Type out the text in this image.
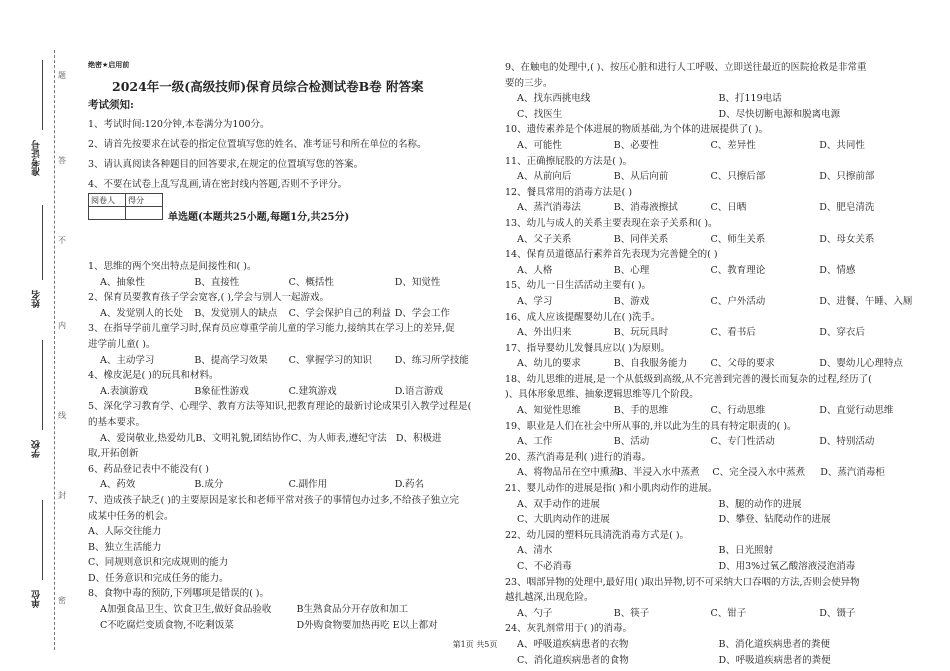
准考证号
姓名
学校
单位
题
答
不
内
线
封
密
绝密★启用前
2024年一级(高级技师)保育员综合检测试卷B卷 附答案
考试须知:
1、考试时间:120分钟,本卷满分为100分。
2、请首先按要求在试卷的指定位置填写您的姓名、准考证号和所在单位的名称。
3、请认真阅读各种题目的回答要求,在规定的位置填写您的答案。
4、不要在试卷上乱写乱画,请在密封线内答题,否则不予评分。
阅卷人	得分

单选题(本题共25小题,每题1分,共25分)
1、思维的两个突出特点是间接性和( )。
A、抽象性	B、直接性	C、概括性	D、知觉性
2、保育员要教育孩子学会宽容,( ),学会与别人一起游戏。
A、发觉别人的长处	B、发觉别人的缺点	C、学会保护自己的利益 D、学会工作
3、在指导学前儿童学习时,保育员应尊重学前儿童的学习能力,接纳其在学习上的差异,促
进学前儿童( )。
A、主动学习	B、提高学习效果	C、掌握学习的知识	D、练习所学技能
4、橡皮泥是( )的玩具和材料。
A.表演游戏	B象征性游戏	C.建筑游戏	D.语言游戏
5、深化学习教育学、心理学、教育方法等知识,把教育理论的最新讨论成果引入教学过程是(
的基本要求。
A、爱岗敬业,热爱幼儿 B、文明礼貌,团结协作 C、为人师表,遵纪守法 D、积极进
取,开拓创新
6、药品登记表中不能没有( )
A、药效	B.成分	C.副作用	D.药名
7、造成孩子缺乏( )的主要原因是家长和老师平常对孩子的事情包办过多,不给孩子独立完
成某中任务的机会。
A、人际交往能力
B、独立生活能力
C、同规则意识和完成规则的能力
D、任务意识和完成任务的能力。
8、食物中毒的预防,下列哪项是错误的( )。
A加强食品卫生、饮食卫生,做好食品验收	B生熟食品分开存放和加工
C不吃腐烂变质食物,不吃剩饭菜	D外购食物要加热再吃 E以上都对
9、在触电的处理中,( )、按压心脏和进行人工呼吸、立即送往最近的医院抢救是非常重
要的三步。
A、找东西挑电线	B、打119电话
C、找医生	D、尽快切断电源和脱离电源
10、遗传素养是个体进展的物质基础,为个体的进展提供了( )。
A、可能性	B、必要性	C、差异性	D、共同性
11、正确擦屁股的方法是( )。
A、从前向后	B、从后向前	C、只擦后部	D、只擦前部
12、餐具常用的消毒方法是( )
A、蒸汽消毒法	B、消毒液擦拭	C、日晒	D、肥皂清洗
13、幼儿与成人的关系主要表现在亲子关系和( )。
A、父子关系	B、同伴关系	C、师生关系	D、母女关系
14、保育员道德品行素养首先表现为完善健全的( )
A、人格	B、心理	C、教育理论	D、情感
15、幼儿一日生活活动主要有( )。
A、学习	B、游戏	C、户外活动	D、进餐、午睡、入厕
16、成人应该提醒婴幼儿在( )洗手。
A、外出归来	B、玩玩具时	C、看书后	D、穿衣后
17、指导婴幼儿发餐具应以( )为原则。
A、幼儿的要求	B、自我服务能力	C、父母的要求	D、婴幼儿心理特点
18、幼儿思维的进展,是一个从低级到高级,从不完善到完善的漫长而复杂的过程,经历了(
)、具体形象思维、抽象逻辑思维等几个阶段。
A、知觉性思维	B、手的思维	C、行动思维	D、直觉行动思维
19、职业是人们在社会中所从事的,并以此为生的具有特定职责的( )。
A、工作	B、活动	C、专门性活动	D、特别活动
20、蒸汽消毒是利( )进行的消毒。
A、将物品吊在空中熏蒸
B、半浸入水中蒸煮	C、完全浸入水中蒸煮	D、蒸汽消毒柜
21、婴儿动作的进展是指( )和小肌肉动作的进展。
A、双手动作的进展	B、腿的动作的进展
C、大肌肉动作的进展	D、攀登、钻爬动作的进展
22、幼儿园的塑料玩具清洗消毒方式是( )。
A、清水	B、日光照射
C、不必消毒	D、用3%过氧乙酸溶液浸泡消毒
23、咽部异物的处理中,最好用( )取出异物,切不可采纳大口吞咽的方法,否则会使异物
越扎越深,出现危险。
A、勺子	B、筷子	C、钳子	D、镊子
24、灰乳剂常用于( )的消毒。
A、呼吸道疾病患者的衣物	B、消化道疾病患者的粪便
C、消化道疾病患者的食物	D、呼吸道疾病患者的粪便
第1页 共5页
